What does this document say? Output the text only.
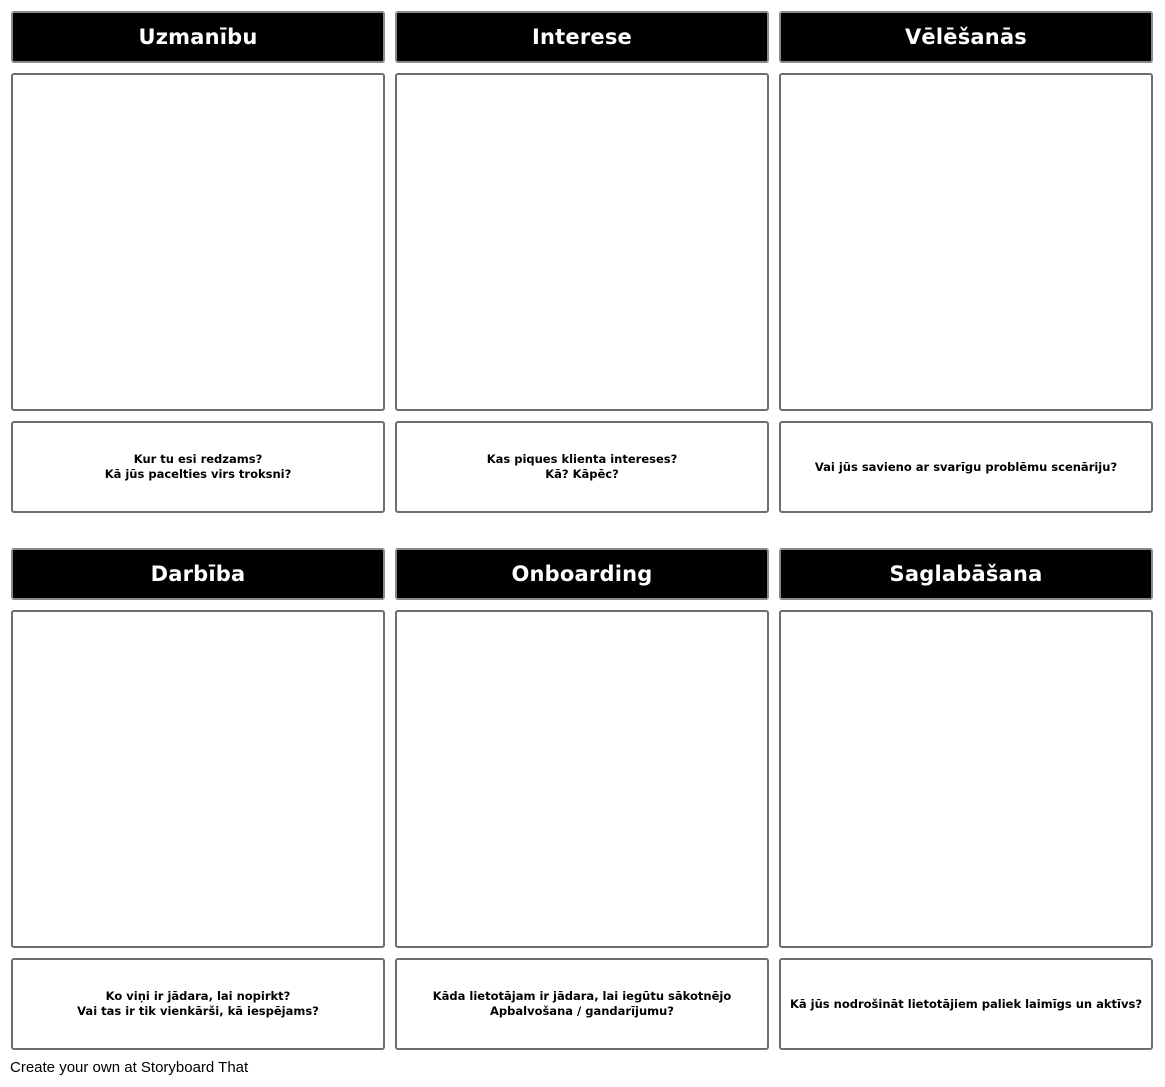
Uzmanību
Kur tu esi redzams?
Kā jūs pacelties virs troksni?
Interese
Kas piques klienta intereses?
Kā? Kāpēc?
Vēlēšanās
Vai jūs savieno ar svarīgu problēmu scenāriju?
Darbība
Ko viņi ir jādara, lai nopirkt?
Vai tas ir tik vienkārši, kā iespējams?
Onboarding
Kāda lietotājam ir jādara, lai iegūtu sākotnējo Apbalvošana / gandarījumu?
Saglabāšana
Kā jūs nodrošināt lietotājiem paliek laimīgs un aktīvs?
Create your own at Storyboard That
